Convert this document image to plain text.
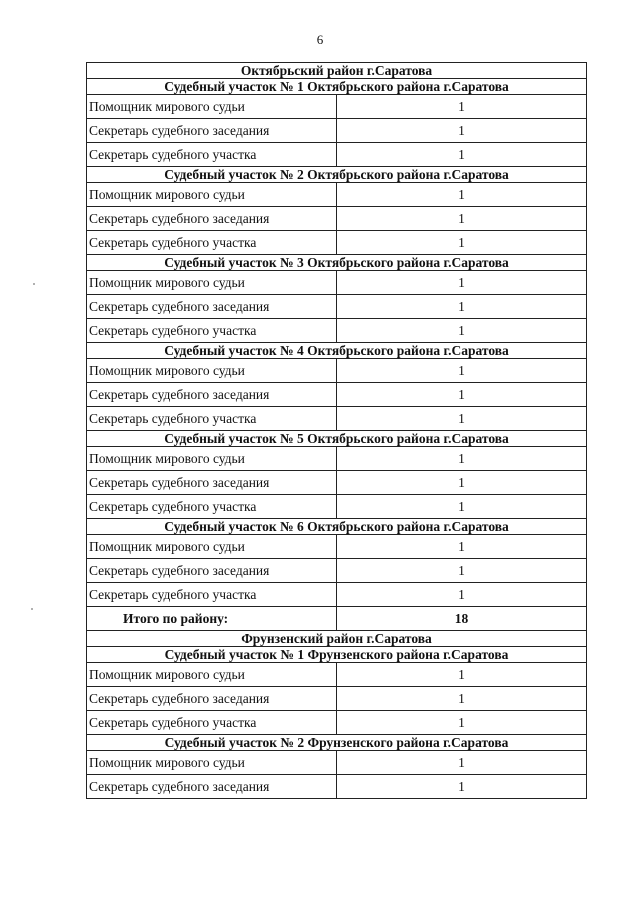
6
Октябрьский район г.Саратова	
Судебный участок № 1 Октябрьского района г.Саратова	
Помощник мирового судьи	1
Секретарь судебного заседания	1
Секретарь судебного участка	1
Судебный участок № 2 Октябрьского района г.Саратова	
Помощник мирового судьи	1
Секретарь судебного заседания	1
Секретарь судебного участка	1
Судебный участок № 3 Октябрьского района г.Саратова	
Помощник мирового судьи	1
Секретарь судебного заседания	1
Секретарь судебного участка	1
Судебный участок № 4 Октябрьского района г.Саратова	
Помощник мирового судьи	1
Секретарь судебного заседания	1
Секретарь судебного участка	1
Судебный участок № 5 Октябрьского района г.Саратова	
Помощник мирового судьи	1
Секретарь судебного заседания	1
Секретарь судебного участка	1
Судебный участок № 6 Октябрьского района г.Саратова	
Помощник мирового судьи	1
Секретарь судебного заседания	1
Секретарь судебного участка	1
Итого по району:	18
Фрунзенский район г.Саратова	
Судебный участок № 1 Фрунзенского района г.Саратова	
Помощник мирового судьи	1
Секретарь судебного заседания	1
Секретарь судебного участка	1
Судебный участок № 2 Фрунзенского района г.Саратова	
Помощник мирового судьи	1
Секретарь судебного заседания	1
